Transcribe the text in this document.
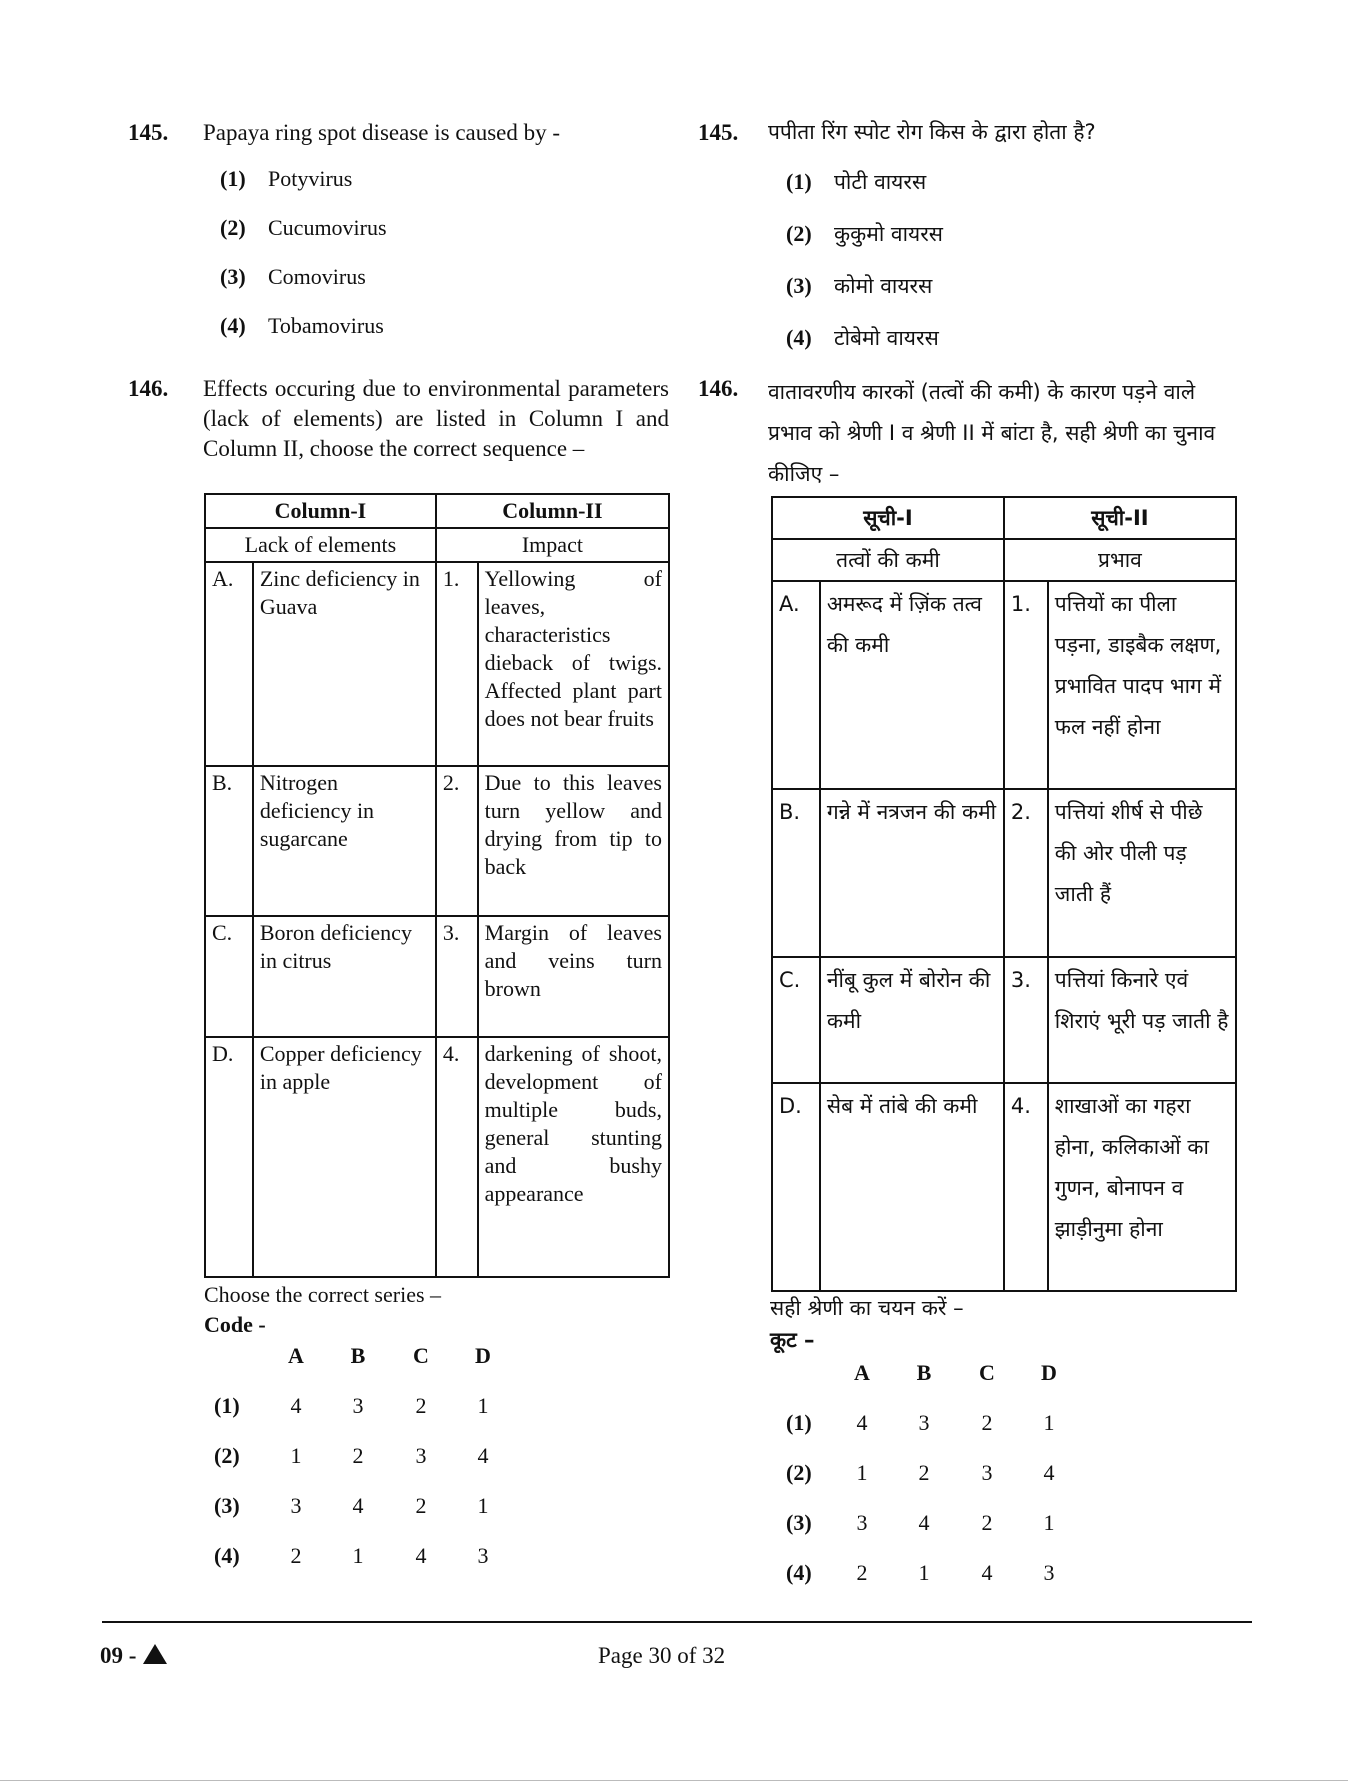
145. Papaya ring spot disease is caused by -
(1) Potyvirus
(2) Cucumovirus
(3) Comovirus
(4) Tobamovirus
146. Effects occuring due to environmental parameters (lack of elements) are listed in Column I and Column II, choose the correct sequence –
Column-I		Column-II	
Lack of elements		Impact	
A.	Zinc deficiency in Guava	1.	Yellowing of leaves, characteristics dieback of twigs. Affected plant part does not bear fruits
B.	Nitrogen deficiency in sugarcane	2.	Due to this leaves turn yellow and drying from tip to back
C.	Boron deficiency in citrus	3.	Margin of leaves and veins turn brown
D.	Copper deficiency in apple	4.	darkening of shoot, development of multiple buds, general stunting and bushy appearance
Choose the correct series –
Code -
A	B	C	D
(1)	4	3	2	1
(2)	1	2	3	4
(3)	3	4	2	1
(4)	2	1	4	3
145. पपीता रिंग स्पोट रोग किस के द्वारा होता है?
(1) पोटी वायरस
(2) कुकुमो वायरस
(3) कोमो वायरस
(4) टोबेमो वायरस
146. वातावरणीय कारकों (तत्वों की कमी) के कारण पड़ने वाले प्रभाव को श्रेणी I व श्रेणी II में बांटा है, सही श्रेणी का चुनाव कीजिए –
सूची-I		सूची-II	
तत्वों की कमी		प्रभाव	
A.	अमरूद में ज़िंक तत्व की कमी	1.	पत्तियों का पीला पड़ना, डाइबैक लक्षण, प्रभावित पादप भाग में फल नहीं होना
B.	गन्ने में नत्रजन की कमी	2.	पत्तियां शीर्ष से पीछे की ओर पीली पड़ जाती हैं
C.	नींबू कुल में बोरोन की कमी	3.	पत्तियां किनारे एवं शिराएं भूरी पड़ जाती है
D.	सेब में तांबे की कमी	4.	शाखाओं का गहरा होना, कलिकाओं का गुणन, बोनापन व झाड़ीनुमा होना
सही श्रेणी का चयन करें –
कूट –
A	B	C	D
(1)	4	3	2	1
(2)	1	2	3	4
(3)	3	4	2	1
(4)	2	1	4	3
09 -	Page 30 of 32
